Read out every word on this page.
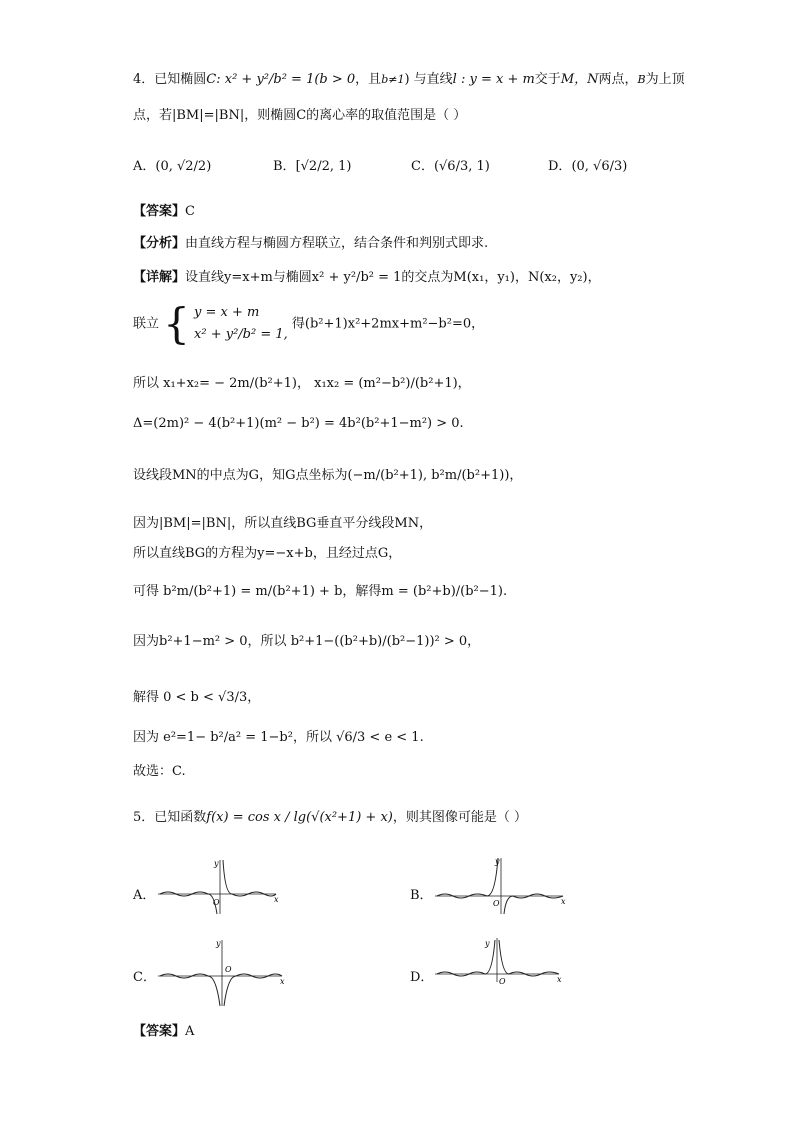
4．已知椭圆C: x² + y²/b² = 1(b > 0，且b≠1) 与直线l : y = x + m交于M，N两点，B为上顶
点，若|BM|=|BN|，则椭圆C的离心率的取值范围是（ ）
A．(0, √2/2)	B．[√2/2, 1)	C．(√6/3, 1)	D．(0, √6/3)
【答案】C
【分析】由直线方程与椭圆方程联立，结合条件和判别式即求.
【详解】设直线y=x+m与椭圆x² + y²/b² = 1的交点为M(x₁，y₁)，N(x₂，y₂)，
联立 { y = x + m
x² + y²/b² = 1,
得(b²+1)x²+2mx+m²−b²=0，
所以 x₁+x₂= − 2m/(b²+1)， x₁x₂ = (m²−b²)/(b²+1)，
Δ=(2m)² − 4(b²+1)(m² − b²) = 4b²(b²+1−m²) > 0.
设线段MN的中点为G，知G点坐标为(−m/(b²+1), b²m/(b²+1))，
因为|BM|=|BN|，所以直线BG垂直平分线段MN，
所以直线BG的方程为y=−x+b，且经过点G，
可得 b²m/(b²+1) = m/(b²+1) + b，解得m = (b²+b)/(b²−1).
因为b²+1−m² > 0，所以 b²+1−((b²+b)/(b²−1))² > 0，
解得 0 < b < √3/3，
因为 e²=1− b²/a² = 1−b²，所以 √6/3 < e < 1.
故选：C.
5．已知函数f(x) = cos x / lg(√(x²+1) + x)，则其图像可能是（ ）
A．
y
x
O	B．
y
x
O
C．
y
x
O
D．
y
x
O
【答案】A
